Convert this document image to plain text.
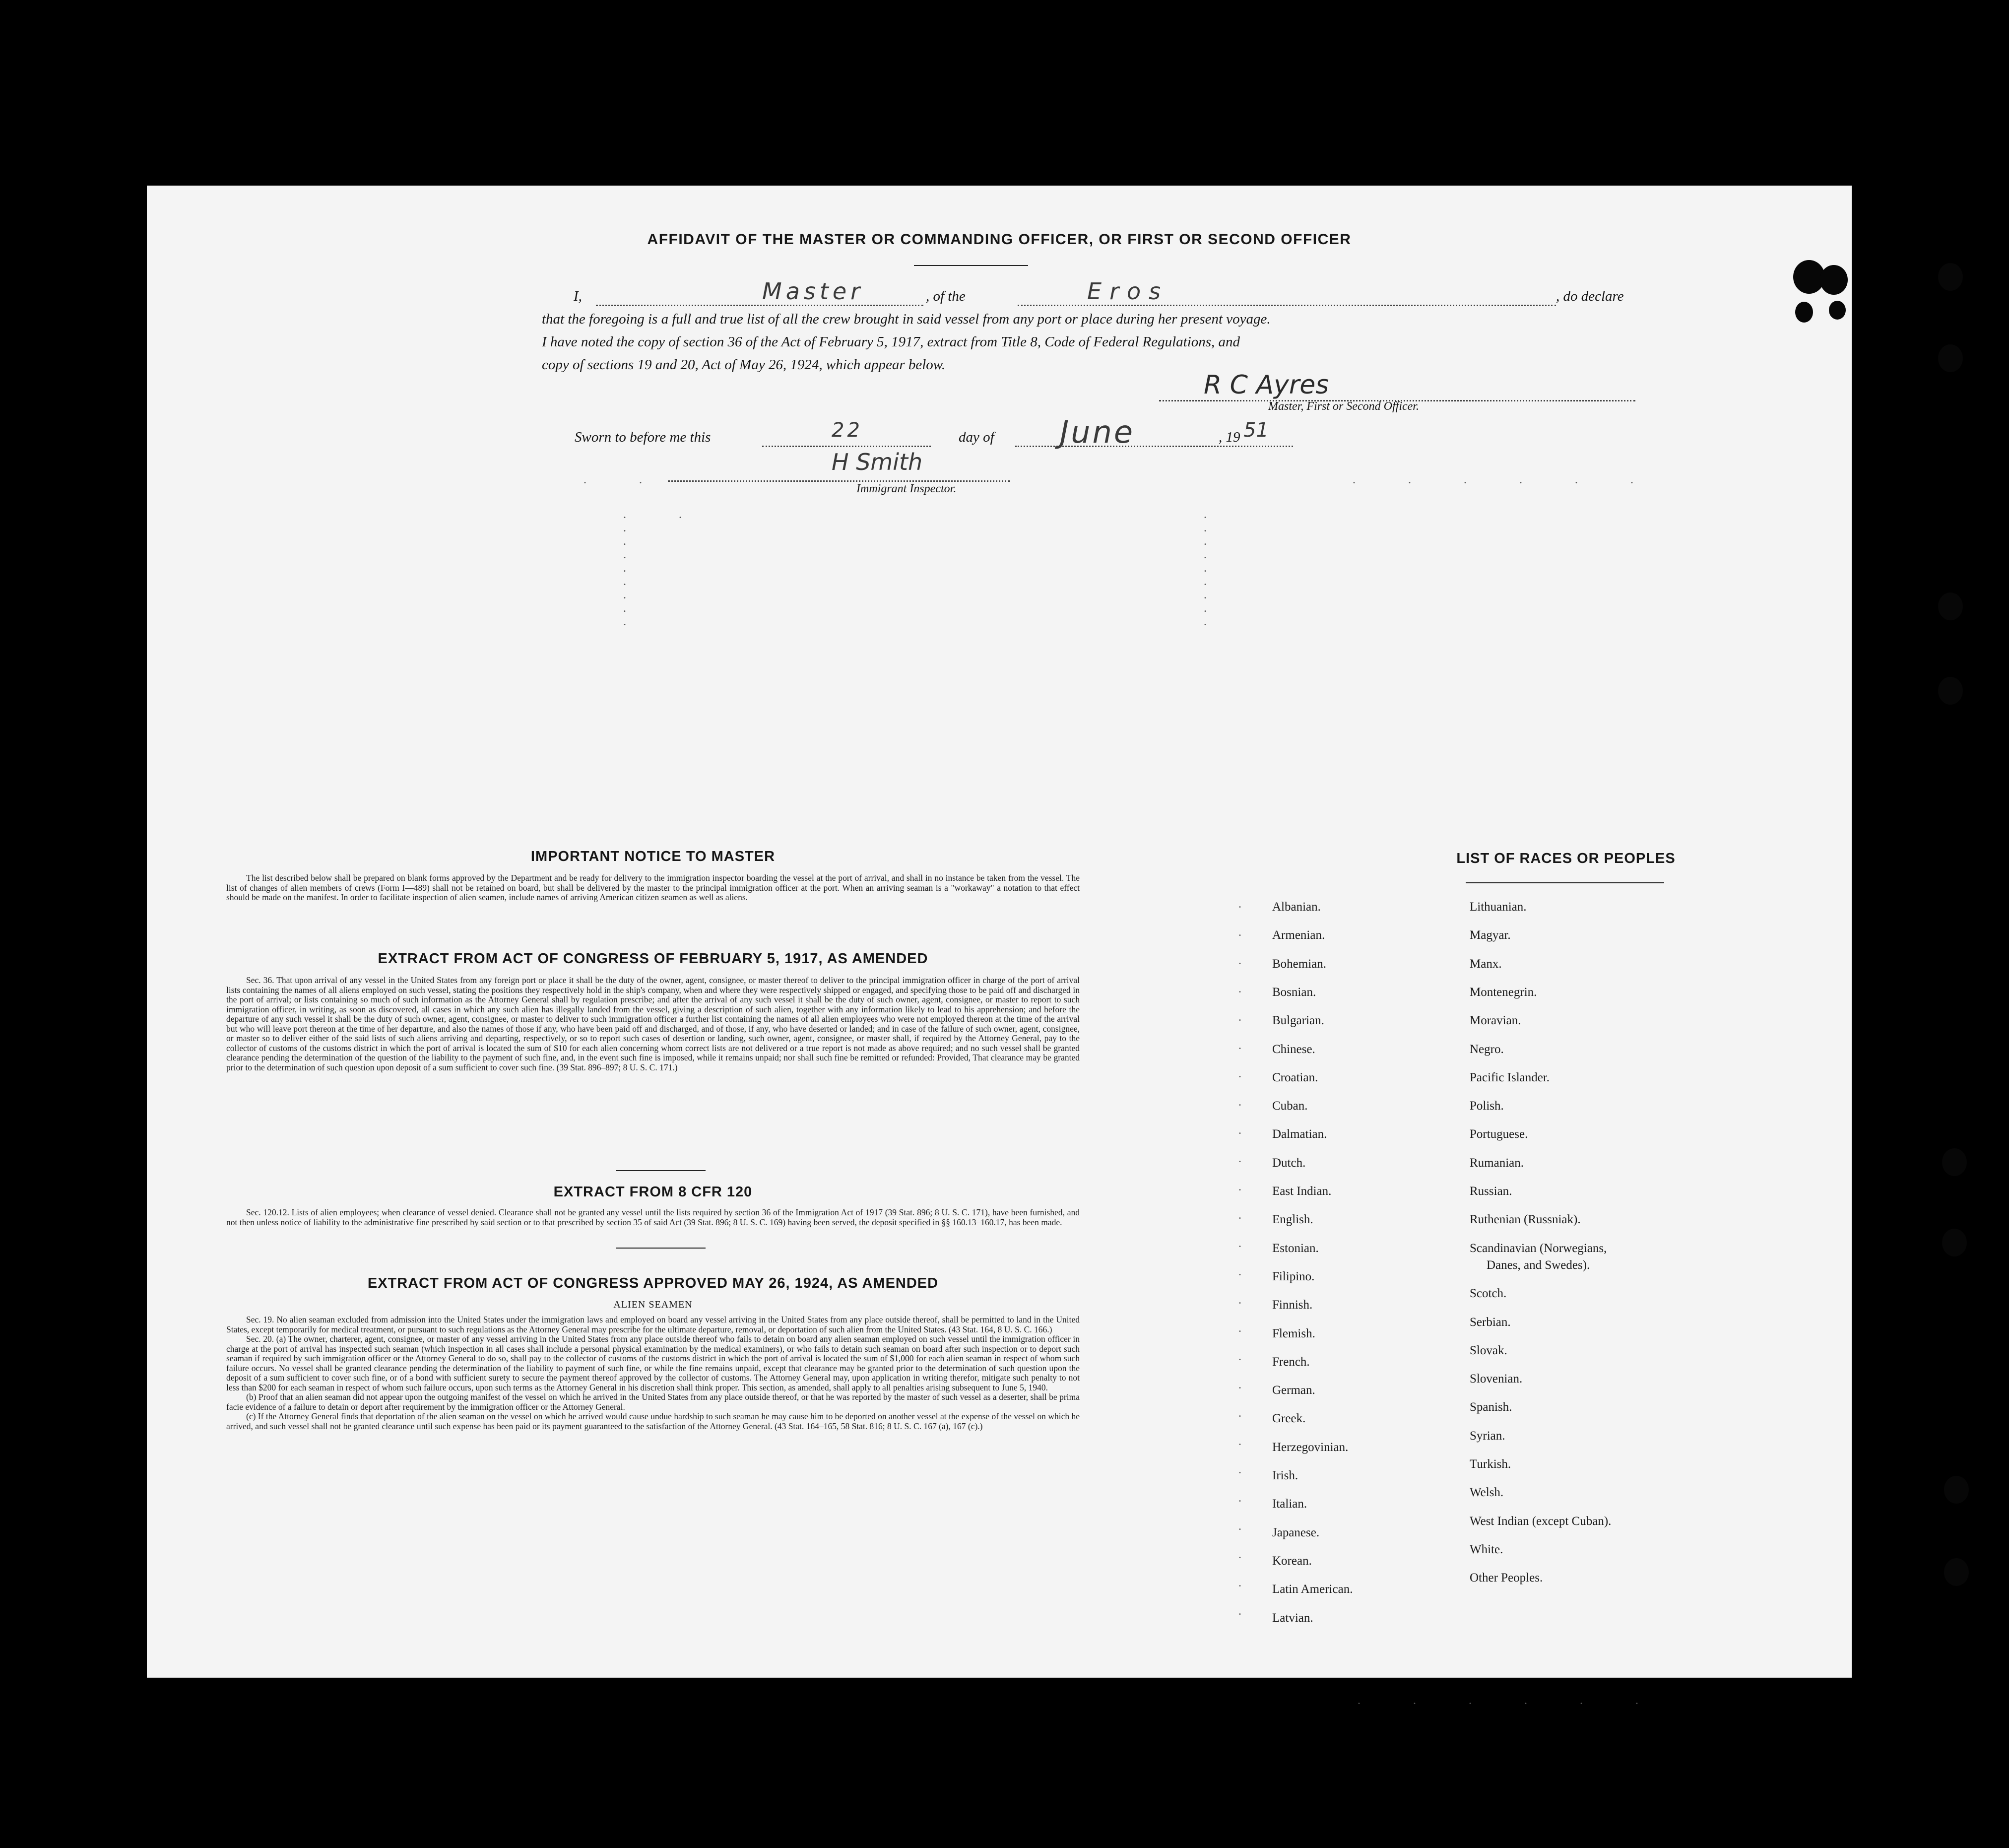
AFFIDAVIT OF THE MASTER OR COMMANDING OFFICER, OR FIRST OR SECOND OFFICER
I,	Master	, of the	Eros	, do declare
that the foregoing is a full and true list of all the crew brought in said vessel from any port or place during her present voyage.
I have noted the copy of section 36 of the Act of February 5, 1917, extract from Title 8, Code of Federal Regulations, and
copy of sections 19 and 20, Act of May 26, 1924, which appear below.
R C Ayres
Master, First or Second Officer.
Sworn to before me this	22	day of June	, 19 51
H Smith
Immigrant Inspector.
. .
. .
.
.
.
.
.
.
.
.
.
.
.
.
.
.
.
.
.
. . . . . .
IMPORTANT NOTICE TO MASTER

The list described below shall be prepared on blank forms approved by the Department and be ready for delivery to the immigration inspector boarding the vessel at the port of arrival, and shall in no instance be taken from the vessel. The list of changes of alien members of crews (Form I—489) shall not be retained on board, but shall be delivered by the master to the principal immigration officer at the port. When an arriving seaman is a "workaway" a notation to that effect should be made on the manifest. In order to facilitate inspection of alien seamen, include names of arriving American citizen seamen as well as aliens.

EXTRACT FROM ACT OF CONGRESS OF FEBRUARY 5, 1917, AS AMENDED

Sec. 36. That upon arrival of any vessel in the United States from any foreign port or place it shall be the duty of the owner, agent, consignee, or master thereof to deliver to the principal immigration officer in charge of the port of arrival lists containing the names of all aliens employed on such vessel, stating the positions they respectively hold in the ship's company, when and where they were respectively shipped or engaged, and specifying those to be paid off and discharged in the port of arrival; or lists containing so much of such information as the Attorney General shall by regulation prescribe; and after the arrival of any such vessel it shall be the duty of such owner, agent, consignee, or master to report to such immigration officer, in writing, as soon as discovered, all cases in which any such alien has illegally landed from the vessel, giving a description of such alien, together with any information likely to lead to his apprehension; and before the departure of any such vessel it shall be the duty of such owner, agent, consignee, or master to deliver to such immigration officer a further list containing the names of all alien employees who were not employed thereon at the time of the arrival but who will leave port thereon at the time of her departure, and also the names of those if any, who have been paid off and discharged, and of those, if any, who have deserted or landed; and in case of the failure of such owner, agent, consignee, or master so to deliver either of the said lists of such aliens arriving and departing, respectively, or so to report such cases of desertion or landing, such owner, agent, consignee, or master shall, if required by the Attorney General, pay to the collector of customs of the customs district in which the port of arrival is located the sum of $10 for each alien concerning whom correct lists are not delivered or a true report is not made as above required; and no such vessel shall be granted clearance pending the determination of the question of the liability to the payment of such fine, and, in the event such fine is imposed, while it remains unpaid; nor shall such fine be remitted or refunded: Provided, That clearance may be granted prior to the determination of such question upon deposit of a sum sufficient to cover such fine. (39 Stat. 896–897; 8 U. S. C. 171.)

EXTRACT FROM 8 CFR 120

Sec. 120.12. Lists of alien employees; when clearance of vessel denied. Clearance shall not be granted any vessel until the lists required by section 36 of the Immigration Act of 1917 (39 Stat. 896; 8 U. S. C. 171), have been furnished, and not then unless notice of liability to the administrative fine prescribed by said section or to that prescribed by section 35 of said Act (39 Stat. 896; 8 U. S. C. 169) having been served, the deposit specified in §§ 160.13–160.17, has been made.

EXTRACT FROM ACT OF CONGRESS APPROVED MAY 26, 1924, AS AMENDED
ALIEN SEAMEN

Sec. 19. No alien seaman excluded from admission into the United States under the immigration laws and employed on board any vessel arriving in the United States from any place outside thereof, shall be permitted to land in the United States, except temporarily for medical treatment, or pursuant to such regulations as the Attorney General may prescribe for the ultimate departure, removal, or deportation of such alien from the United States. (43 Stat. 164, 8 U. S. C. 166.)

Sec. 20. (a) The owner, charterer, agent, consignee, or master of any vessel arriving in the United States from any place outside thereof who fails to detain on board any alien seaman employed on such vessel until the immigration officer in charge at the port of arrival has inspected such seaman (which inspection in all cases shall include a personal physical examination by the medical examiners), or who fails to detain such seaman on board after such inspection or to deport such seaman if required by such immigration officer or the Attorney General to do so, shall pay to the collector of customs of the customs district in which the port of arrival is located the sum of $1,000 for each alien seaman in respect of whom such failure occurs. No vessel shall be granted clearance pending the determination of the liability to payment of such fine, or while the fine remains unpaid, except that clearance may be granted prior to the determination of such question upon the deposit of a sum sufficient to cover such fine, or of a bond with sufficient surety to secure the payment thereof approved by the collector of customs. The Attorney General may, upon application in writing therefor, mitigate such penalty to not less than $200 for each seaman in respect of whom such failure occurs, upon such terms as the Attorney General in his discretion shall think proper. This section, as amended, shall apply to all penalties arising subsequent to June 5, 1940.

(b) Proof that an alien seaman did not appear upon the outgoing manifest of the vessel on which he arrived in the United States from any place outside thereof, or that he was reported by the master of such vessel as a deserter, shall be prima facie evidence of a failure to detain or deport after requirement by the immigration officer or the Attorney General.

(c) If the Attorney General finds that deportation of the alien seaman on the vessel on which he arrived would cause undue hardship to such seaman he may cause him to be deported on another vessel at the expense of the vessel on which he arrived, and such vessel shall not be granted clearance until such expense has been paid or its payment guaranteed to the satisfaction of the Attorney General. (43 Stat. 164–165, 58 Stat. 816; 8 U. S. C. 167 (a), 167 (c).)

LIST OF RACES OR PEOPLES
Albanian.
Armenian.
Bohemian.
Bosnian.
Bulgarian.
Chinese.
Croatian.
Cuban.
Dalmatian.
Dutch.
East Indian.
English.
Estonian.
Filipino.
Finnish.
Flemish.
French.
German.
Greek.
Herzegovinian.
Irish.
Italian.
Japanese.
Korean.
Latin American.
Latvian.
Lithuanian.
Magyar.
Manx.
Montenegrin.
Moravian.
Negro.
Pacific Islander.
Polish.
Portuguese.
Rumanian.
Russian.
Ruthenian (Russniak).
Scandinavian (Norwegians,
Scotch.
Serbian.
Slovak.
Slovenian.
Spanish.
Syrian.
Turkish.
Welsh.
West Indian (except Cuban).
White.
Other Peoples.
Danes, and Swedes).
.
.
.
.
.
.
.
.
.
.
.
.
.
.
.
.
.
.
.
.
.
.
.
.
.
.
. . . . . .
